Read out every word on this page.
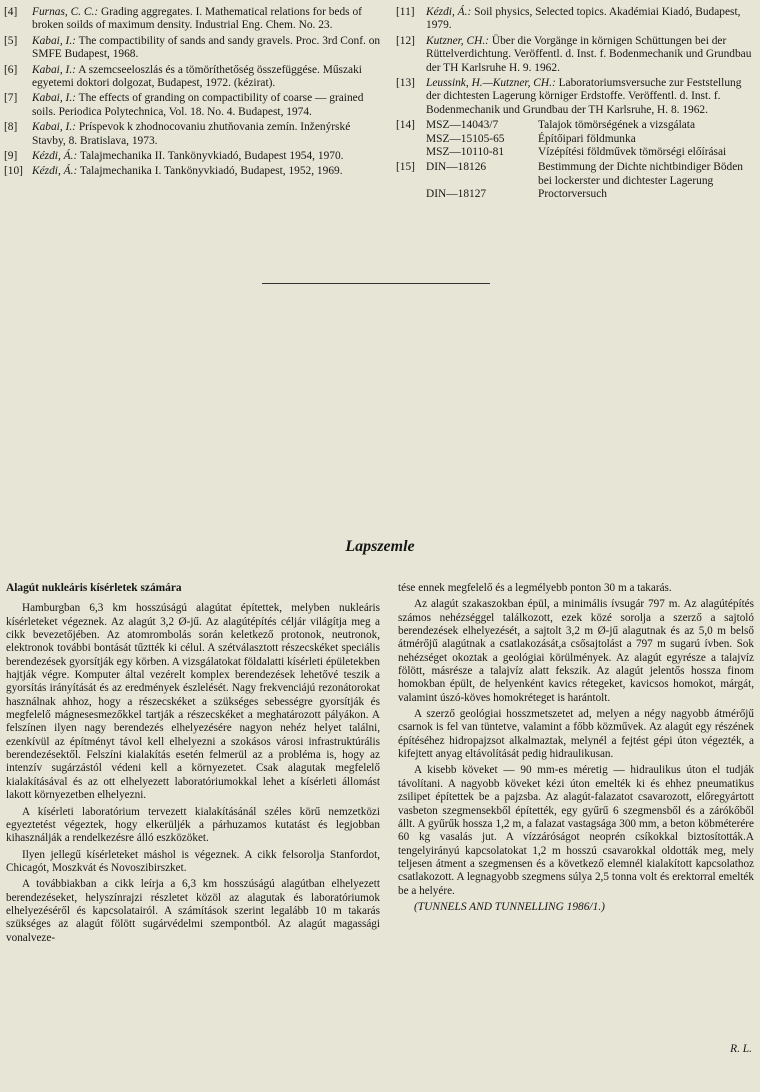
[4]	Furnas, C. C.: Grading aggregates. I. Mathematical relations for beds of broken soilds of maximum density. Industrial Eng. Chem. No. 23.
[5]	Kabai, I.: The compactibility of sands and sandy gravels. Proc. 3rd Conf. on SMFE Budapest, 1968.
[6]	Kabai, I.: A szemcseeloszlás és a tömöríthetőség összefüggése. Műszaki egyetemi doktori dolgozat, Budapest, 1972. (kézirat).
[7]	Kabai, I.: The effects of granding on compactibility of coarse — grained soils. Periodica Polytechnica, Vol. 18. No. 4. Budapest, 1974.
[8]	Kabai, I.: Príspevok k zhodnocovaniu zhutňovania zemín. Inženýrské Stavby, 8. Bratislava, 1973.
[9]	Kézdi, Á.: Talajmechanika II. Tankönyvkiadó, Budapest 1954, 1970.
[10] Kézdi, Á.: Talajmechanika I. Tankönyvkiadó, Budapest, 1952, 1969.
[11]	Kézdi, Á.: Soil physics, Selected topics. Akadémiai Kiadó, Budapest, 1979.
[12] Kutzner, CH.: Über die Vorgänge in körnigen Schüttungen bei der Rüttelverdichtung. Veröffentl. d. Inst. f. Bodenmechanik und Grundbau der TH Karlsruhe H. 9. 1962.
[13] Leussink, H.—Kutzner, CH.: Laboratoriumsversuche zur Feststellung der dichtesten Lagerung körniger Erdstoffe. Veröffentl. d. Inst. f. Bodenmechanik und Grundbau der TH Karlsruhe, H. 8. 1962.
[14] MSZ—14043/7	Talajok tömörségének a vizsgálata
MSZ—15105-65	Építőipari földmunka
MSZ—10110-81	Vízépítési földművek tömörségi előírásai
[15] DIN—18126	Bestimmung der Dichte nichtbindiger Böden bei lockerster und dichtester Lagerung
DIN—18127	Proctorversuch
Lapszemle
Alagút nukleáris kísérletek számára

Hamburgban 6,3 km hosszúságú alagútat építettek, melyben nukleáris kísérleteket végeznek. Az alagút 3,2 Ø-jű. Az alagútépítés céljár világítja meg a cikk bevezetőjében. Az atomrombolás során keletkező protonok, neutronok, elektronok további bontását tűztték ki célul. A szétválasztott részecskéket speciális berendezések gyorsítják egy körben. A vizsgálatokat földalatti kísérleti épületekben hajtják végre. Komputer által vezérelt komplex berendezések lehetővé teszik a gyorsítás irányítását és az eredmények észlelését. Nagy frekvenciájú rezonátorokat használnak ahhoz, hogy a részecskéket a szükséges sebességre gyorsítják és megfelelő mágnesesmezőkkel tartják a részecskéket a meghatározott pályákon. A felszínen ilyen nagy berendezés elhelyezésére nagyon nehéz helyet találni, ezenkívül az építményt távol kell elhelyezni a szokásos városi infrastruktúrális berendezésektől. Felszíni kialakítás esetén felmerül az a probléma is, hogy az intenzív sugárzástól védeni kell a környezetet. Csak alagutak megfelelő kialakításával és az ott elhelyezett laboratóriumokkal lehet a kísérleti állomást lakott környezetben elhelyezni.

A kísérleti laboratórium tervezett kialakításánál széles körű nemzetközi egyeztetést végeztek, hogy elkerüljék a párhuzamos kutatást és legjobban kihasználják a rendelkezésre álló eszközöket.

Ilyen jellegű kísérleteket máshol is végeznek. A cikk felsorolja Stanfordot, Chicagót, Moszkvát és Novoszibirszket.

A továbbiakban a cikk leírja a 6,3 km hosszúságú alagútban elhelyezett berendezéseket, helyszínrajzi részletet közöl az alagutak és laboratóriumok elhelyezéséről és kapcsolatairól. A számítások szerint legalább 10 m takarás szükséges az alagút fölött sugárvédelmi szempontból. Az alagút magassági vonalveze-

tése ennek megfelelő és a legmélyebb ponton 30 m a takarás.

Az alagút szakaszokban épül, a minimális ívsugár 797 m. Az alagútépítés számos nehézséggel találkozott, ezek közé sorolja a szerző a sajtoló berendezések elhelyezését, a sajtolt 3,2 m Ø-jű alagutnak és az 5,0 m belső átmérőjű alagútnak a csatlakozását,a csősajtolást a 797 m sugarú ívben. Sok nehézséget okoztak a geológiai körülmények. Az alagút egyrésze a talajvíz fölött, másrésze a talajvíz alatt fekszik. Az alagút jelentős hossza finom homokban épült, de helyenként kavics rétegeket, kavicsos homokot, márgát, valamint úszó-köves homokréteget is harántolt.

A szerző geológiai hosszmetszetet ad, melyen a négy nagyobb átmérőjű csarnok is fel van tüntetve, valamint a főbb közművek. Az alagút egy részének építéséhez hidropajzsot alkalmaztak, melynél a fejtést gépi úton végezték, a kifejtett anyag eltávolítását pedig hidraulikusan.

A kisebb köveket — 90 mm-es méretig — hidraulikus úton el tudják távolítani. A nagyobb köveket kézi úton emelték ki és ehhez pneumatikus zsilipet építettek be a pajzsba. Az alagút-falazatot csavarozott, előregyártott vasbeton szegmensekből építették, egy gyűrű 6 szegmensből és a zárókőből állt. A gyűrűk hossza 1,2 m, a falazat vastagsága 300 mm, a beton köbméterére 60 kg vasalás jut. A vízzáróságot neoprén csíkokkal biztosították.A tengelyirányú kapcsolatokat 1,2 m hosszú csavarokkal oldották meg, mely teljesen átment a szegmensen és a következő elemnél kialakított kapcsolathoz csatlakozott. A legnagyobb szegmens súlya 2,5 tonna volt és erektorral emelték be a helyére.

(TUNNELS AND TUNNELLING 1986/1.)

R. L.
